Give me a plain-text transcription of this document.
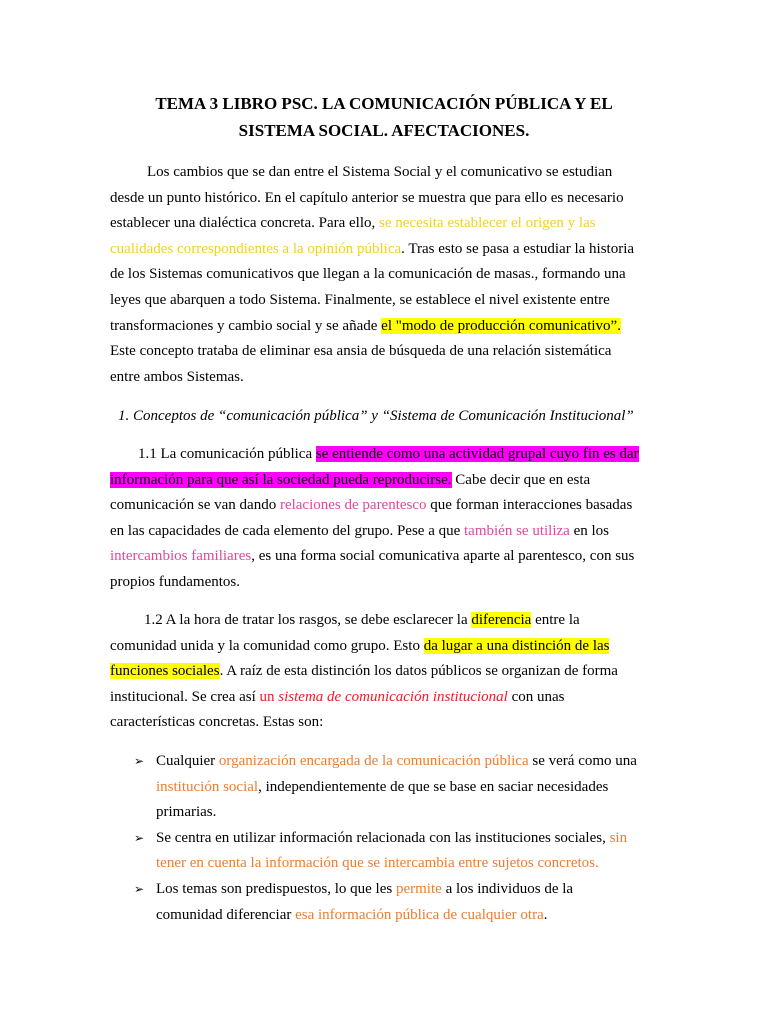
TEMA 3 LIBRO PSC. LA COMUNICACIÓN PÚBLICA Y EL
SISTEMA SOCIAL. AFECTACIONES.
Los cambios que se dan entre el Sistema Social y el comunicativo se estudian
desde un punto histórico. En el capítulo anterior se muestra que para ello es necesario
establecer una dialéctica concreta. Para ello, se necesita establecer el origen y las
cualidades correspondientes a la opinión pública. Tras esto se pasa a estudiar la historia
de los Sistemas comunicativos que llegan a la comunicación de masas., formando una
leyes que abarquen a todo Sistema. Finalmente, se establece el nivel existente entre
transformaciones y cambio social y se añade el "modo de producción comunicativo”.
Este concepto trataba de eliminar esa ansia de búsqueda de una relación sistemática
entre ambos Sistemas.
1. Conceptos de “comunicación pública” y “Sistema de Comunicación Institucional”
1.1 La comunicación pública se entiende como una actividad grupal cuyo fin es dar
información para que así la sociedad pueda reproducirse. Cabe decir que en esta
comunicación se van dando relaciones de parentesco que forman interacciones basadas
en las capacidades de cada elemento del grupo. Pese a que también se utiliza en los
intercambios familiares, es una forma social comunicativa aparte al parentesco, con sus
propios fundamentos.
1.2 A la hora de tratar los rasgos, se debe esclarecer la diferencia entre la
comunidad unida y la comunidad como grupo. Esto da lugar a una distinción de las
funciones sociales. A raíz de esta distinción los datos públicos se organizan de forma
institucional. Se crea así un sistema de comunicación institucional con unas
características concretas. Estas son:
➢ Cualquier organización encargada de la comunicación pública se verá como una
institución social, independientemente de que se base en saciar necesidades
primarias.
➢ Se centra en utilizar información relacionada con las instituciones sociales, sin
tener en cuenta la información que se intercambia entre sujetos concretos.
➢ Los temas son predispuestos, lo que les permite a los individuos de la
comunidad diferenciar esa información pública de cualquier otra.
